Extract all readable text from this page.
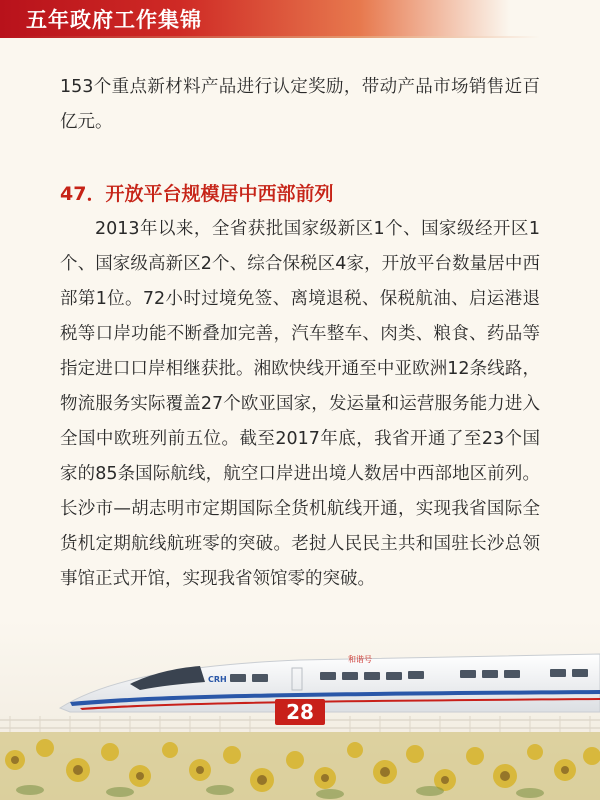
五年政府工作集锦

153个重点新材料产品进行认定奖励，带动产品市场销售近百亿元。

47．开放平台规模居中西部前列

2013年以来，全省获批国家级新区1个、国家级经开区1个、国家级高新区2个、综合保税区4家，开放平台数量居中西部第1位。72小时过境免签、离境退税、保税航油、启运港退税等口岸功能不断叠加完善，汽车整车、肉类、粮食、药品等指定进口口岸相继获批。湘欧快线开通至中亚欧洲12条线路，物流服务实际覆盖27个欧亚国家，发运量和运营服务能力进入全国中欧班列前五位。截至2017年底，我省开通了至23个国家的85条国际航线，航空口岸进出境人数居中西部地区前列。长沙市—胡志明市定期国际全货机航线开通，实现我省国际全货机定期航线航班零的突破。老挝人民民主共和国驻长沙总领事馆正式开馆，实现我省领馆零的突破。

CRH
和谐号
28
